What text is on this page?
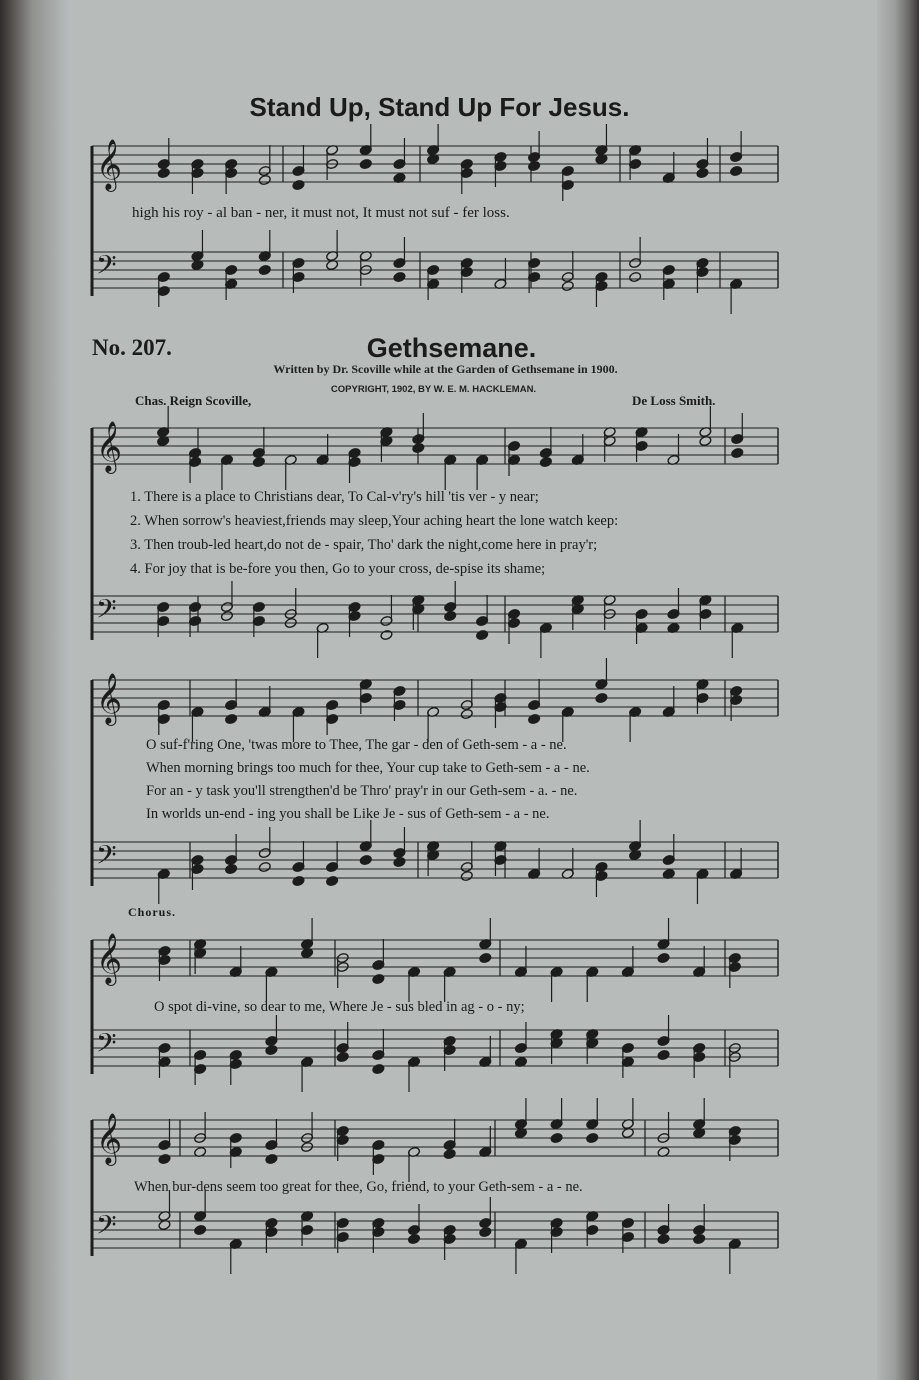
𝄞
𝄢
𝄞
𝄢
𝄞
𝄢
𝄞
𝄢
𝄞
𝄢
Stand Up, Stand Up For Jesus.
high his roy - al ban - ner, it must not, It must not suf - fer loss.
No. 207.	Gethsemane.
Written by Dr. Scoville while at the Garden of Gethsemane in 1900.
COPYRIGHT, 1902, BY W. E. M. HACKLEMAN.
Chas. Reign Scoville,	De Loss Smith.
1. There is a place to Christians dear, To Cal-v'ry's hill 'tis ver - y near;
2. When sorrow's heaviest,friends may sleep,Your aching heart the lone watch keep:
3. Then troub-led heart,do not de - spair, Tho' dark the night,come here in pray'r;
4. For joy that is be-fore you then, Go to your cross, de-spise its shame;
O suf-f'ring One, 'twas more to Thee, The gar - den of Geth-sem - a - ne.
When morning brings too much for thee, Your cup take to Geth-sem - a - ne.
For an - y task you'll strengthen'd be Thro' pray'r in our Geth-sem - a. - ne.
In worlds un-end - ing you shall be Like Je - sus of Geth-sem - a - ne.
Chorus.
O spot di-vine, so dear to me, Where Je - sus bled in ag - o - ny;
When bur-dens seem too great for thee, Go, friend, to your Geth-sem - a - ne.
